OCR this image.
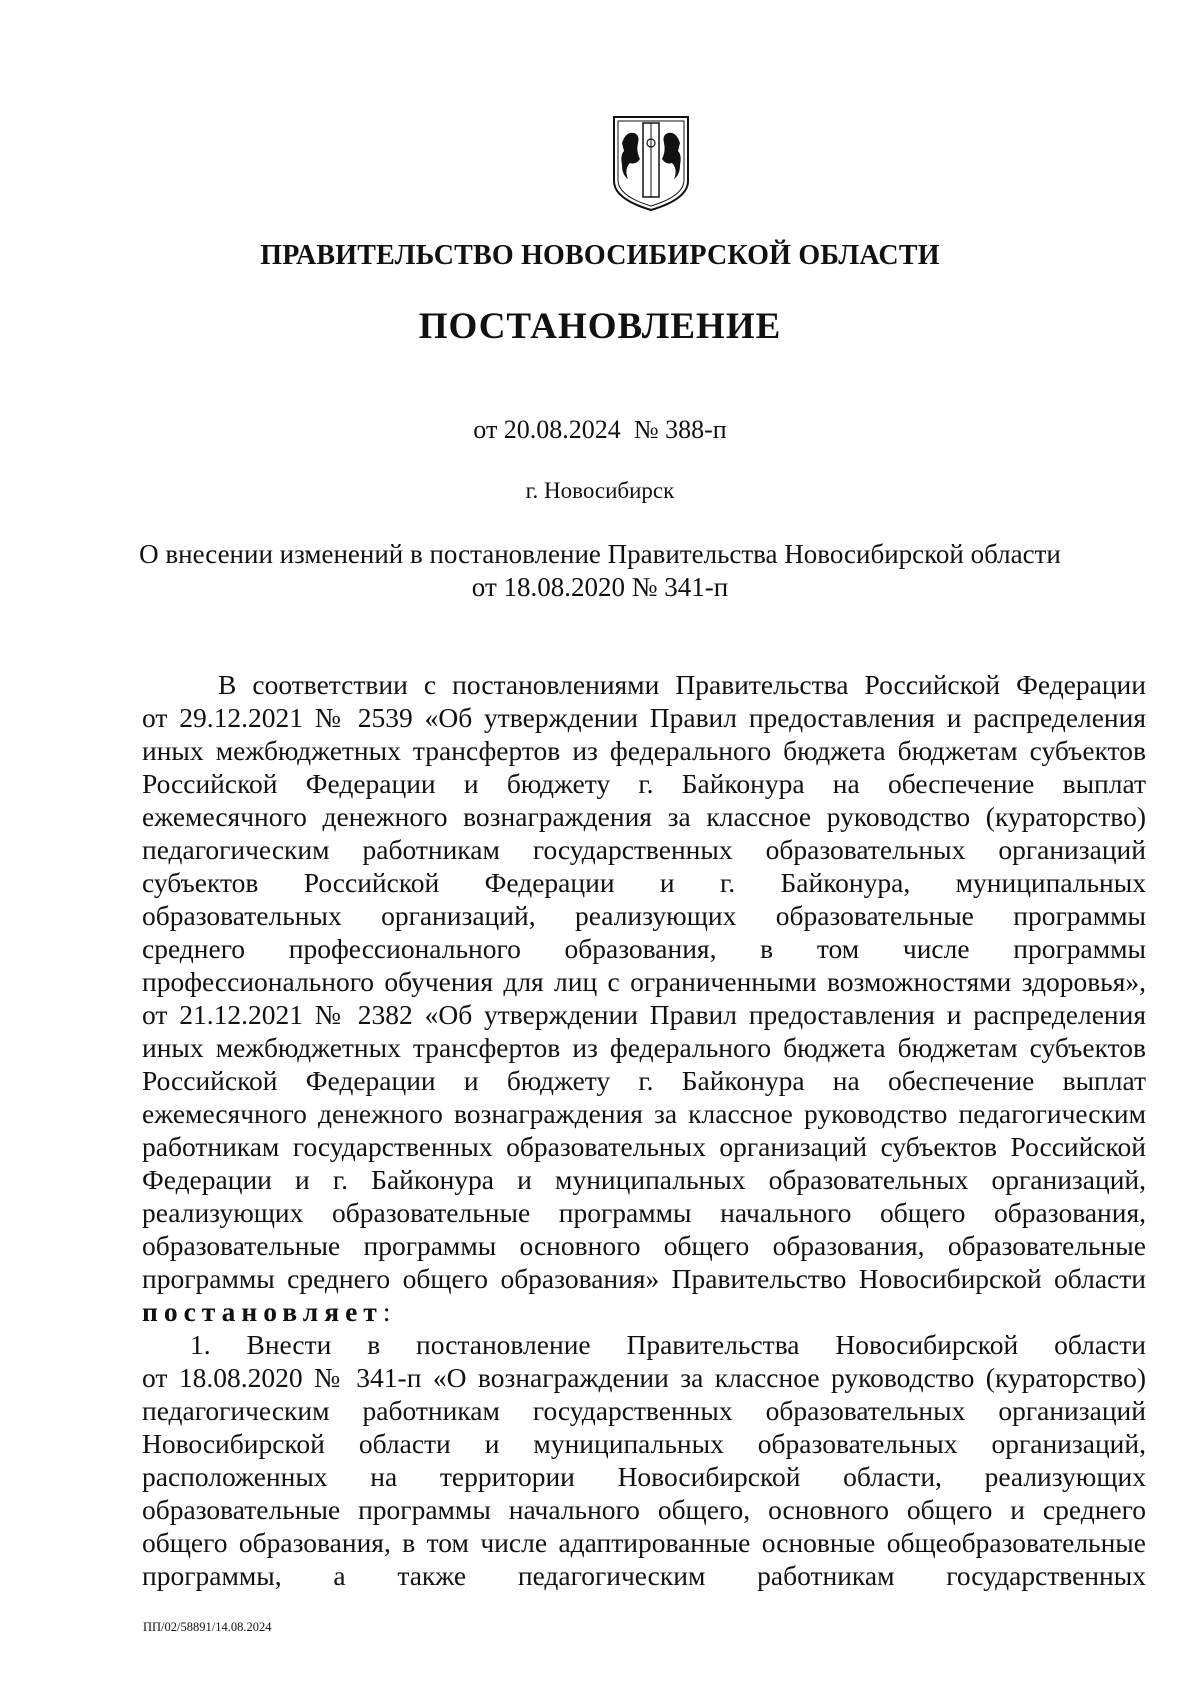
ПРАВИТЕЛЬСТВО НОВОСИБИРСКОЙ ОБЛАСТИ
ПОСТАНОВЛЕНИЕ
от 20.08.2024 № 388-п
г. Новосибирск
О внесении изменений в постановление Правительства Новосибирской области
от 18.08.2020 № 341-п
В соответствии с постановлениями Правительства Российской Федерации
от 29.12.2021 № 2539 «Об утверждении Правил предоставления и распределения
иных межбюджетных трансфертов из федерального бюджета бюджетам субъектов
Российской Федерации и бюджету г. Байконура на обеспечение выплат
ежемесячного денежного вознаграждения за классное руководство (кураторство)
педагогическим работникам государственных образовательных организаций
субъектов Российской Федерации и г. Байконура, муниципальных
образовательных организаций, реализующих образовательные программы
среднего профессионального образования, в том числе программы
профессионального обучения для лиц с ограниченными возможностями здоровья»,
от 21.12.2021 № 2382 «Об утверждении Правил предоставления и распределения
иных межбюджетных трансфертов из федерального бюджета бюджетам субъектов
Российской Федерации и бюджету г. Байконура на обеспечение выплат
ежемесячного денежного вознаграждения за классное руководство педагогическим
работникам государственных образовательных организаций субъектов Российской
Федерации и г. Байконура и муниципальных образовательных организаций,
реализующих образовательные программы начального общего образования,
образовательные программы основного общего образования, образовательные
программы среднего общего образования» Правительство Новосибирской области
постановляет:
1. Внести в постановление Правительства Новосибирской области
от 18.08.2020 № 341-п «О вознаграждении за классное руководство (кураторство)
педагогическим работникам государственных образовательных организаций
Новосибирской области и муниципальных образовательных организаций,
расположенных на территории Новосибирской области, реализующих
образовательные программы начального общего, основного общего и среднего
общего образования, в том числе адаптированные основные общеобразовательные
программы, а также педагогическим работникам государственных
ПП/02/58891/14.08.2024
